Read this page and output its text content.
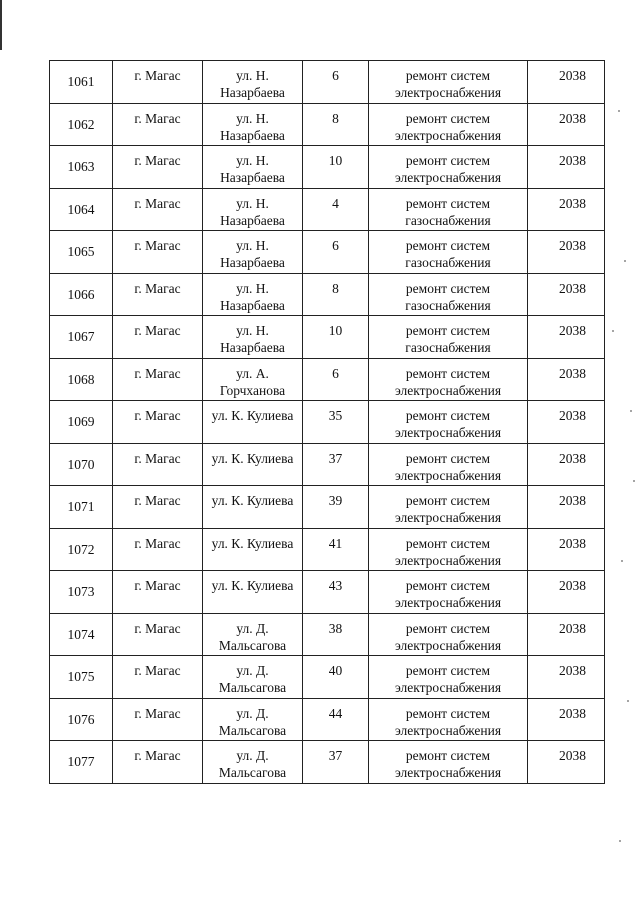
1061	г. Магас	ул. Н. Назарбаева	6	ремонт систем электроснабжения	2038
1062	г. Магас	ул. Н. Назарбаева	8	ремонт систем электроснабжения	2038
1063	г. Магас	ул. Н. Назарбаева	10	ремонт систем электроснабжения	2038
1064	г. Магас	ул. Н. Назарбаева	4	ремонт систем газоснабжения	2038
1065	г. Магас	ул. Н. Назарбаева	6	ремонт систем газоснабжения	2038
1066	г. Магас	ул. Н. Назарбаева	8	ремонт систем газоснабжения	2038
1067	г. Магас	ул. Н. Назарбаева	10	ремонт систем газоснабжения	2038
1068	г. Магас	ул. А. Горчханова	6	ремонт систем электроснабжения	2038
1069	г. Магас	ул. К. Кулиева	35	ремонт систем электроснабжения	2038
1070	г. Магас	ул. К. Кулиева	37	ремонт систем электроснабжения	2038
1071	г. Магас	ул. К. Кулиева	39	ремонт систем электроснабжения	2038
1072	г. Магас	ул. К. Кулиева	41	ремонт систем электроснабжения	2038
1073	г. Магас	ул. К. Кулиева	43	ремонт систем электроснабжения	2038
1074	г. Магас	ул. Д. Мальсагова	38	ремонт систем электроснабжения	2038
1075	г. Магас	ул. Д. Мальсагова	40	ремонт систем электроснабжения	2038
1076	г. Магас	ул. Д. Мальсагова	44	ремонт систем электроснабжения	2038
1077	г. Магас	ул. Д. Мальсагова	37	ремонт систем электроснабжения	2038
